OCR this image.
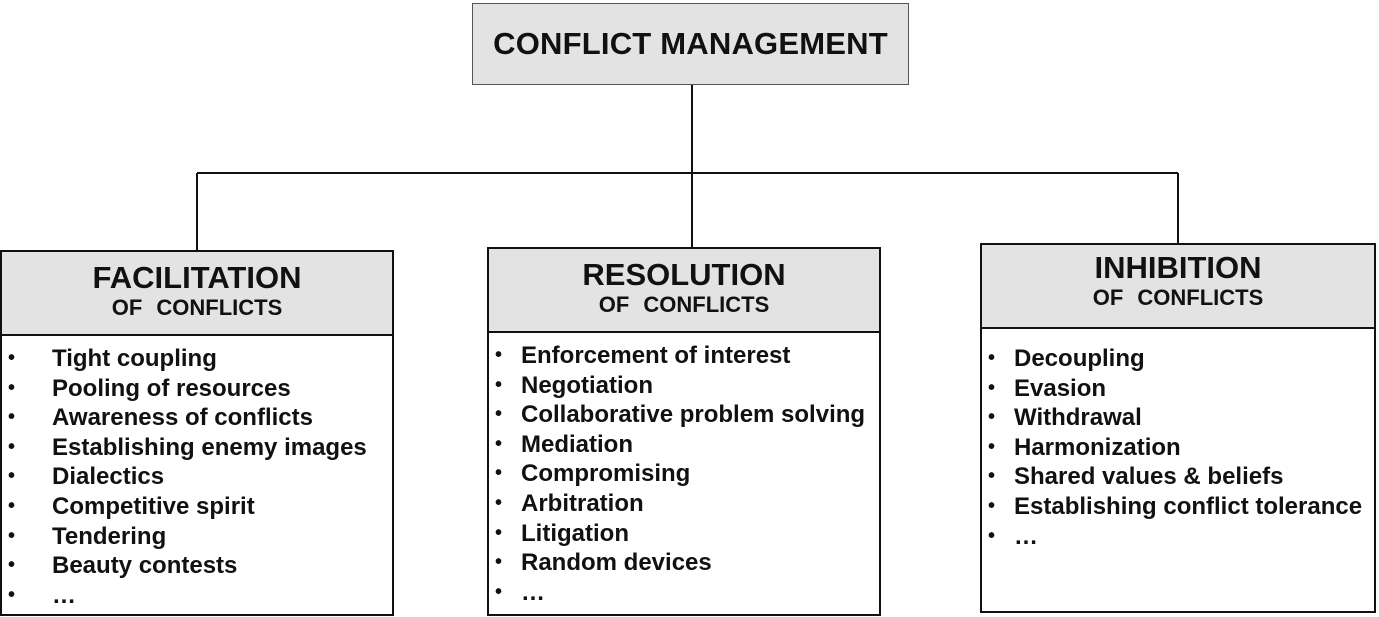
CONFLICT MANAGEMENT
FACILITATION
OF CONFLICTS
• Tight coupling

• Pooling of resources

• Awareness of conflicts

• Establishing enemy images

• Dialectics

• Competitive spirit

• Tendering

• Beauty contests

• …

RESOLUTION
OF CONFLICTS
• Enforcement of interest

• Negotiation

• Collaborative problem solving

• Mediation

• Compromising

• Arbitration

• Litigation

• Random devices

• …

INHIBITION
OF CONFLICTS
• Decoupling

• Evasion

• Withdrawal

• Harmonization

• Shared values & beliefs

• Establishing conflict tolerance

• …
